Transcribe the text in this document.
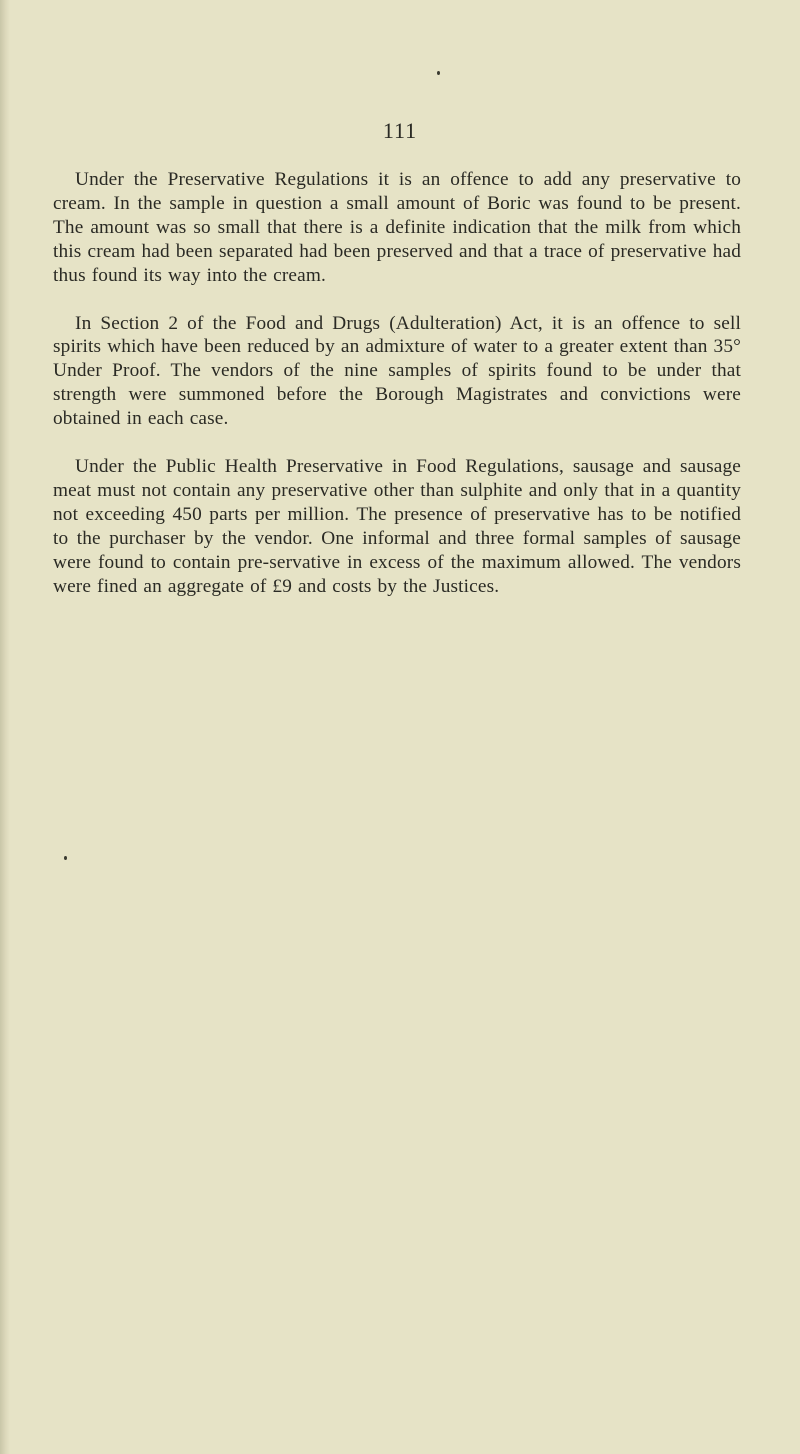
111

Under the Preservative Regulations it is an offence to add any preservative to cream. In the sample in question a small amount of Boric was found to be present. The amount was so small that there is a definite indication that the milk from which this cream had been separated had been preserved and that a trace of preservative had thus found its way into the cream.

In Section 2 of the Food and Drugs (Adulteration) Act, it is an offence to sell spirits which have been reduced by an admixture of water to a greater extent than 35° Under Proof. The vendors of the nine samples of spirits found to be under that strength were summoned before the Borough Magistrates and convictions were obtained in each case.

Under the Public Health Preservative in Food Regulations, sausage and sausage meat must not contain any preservative other than sulphite and only that in a quantity not exceeding 450 parts per million. The presence of preservative has to be notified to the purchaser by the vendor. One informal and three formal samples of sausage were found to contain pre-servative in excess of the maximum allowed. The vendors were fined an aggregate of £9 and costs by the Justices.
